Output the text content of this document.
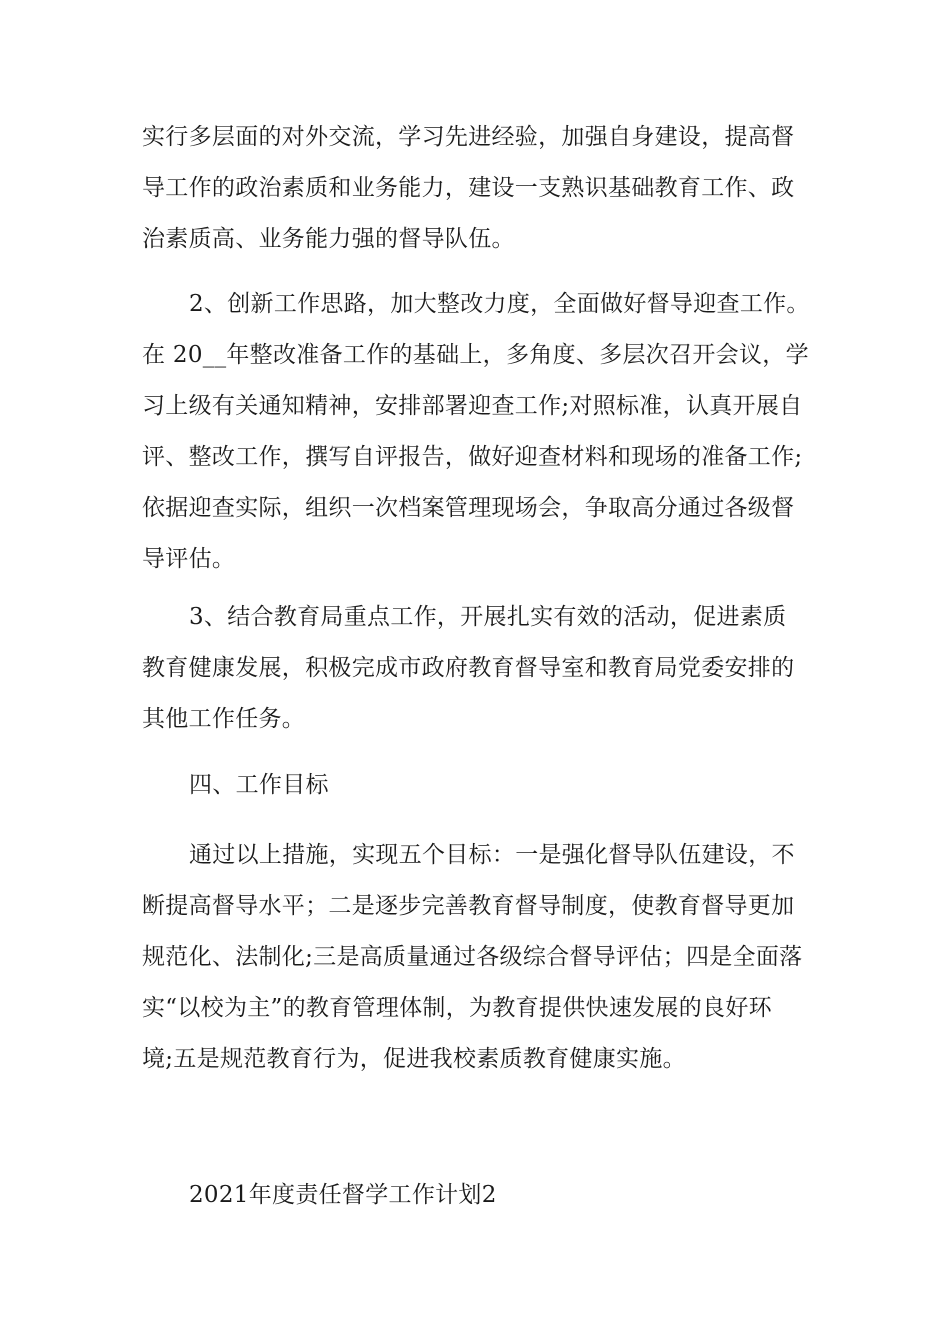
实行多层面的对外交流，学习先进经验，加强自身建设，提高督
导工作的政治素质和业务能力，建设一支熟识基础教育工作、政
治素质高、业务能力强的督导队伍。
2、创新工作思路，加大整改力度，全面做好督导迎查工作。
在 20__年整改准备工作的基础上，多角度、多层次召开会议，学
习上级有关通知精神，安排部署迎查工作;对照标准，认真开展自
评、整改工作，撰写自评报告，做好迎查材料和现场的准备工作;
依据迎查实际，组织一次档案管理现场会，争取高分通过各级督
导评估。
3、结合教育局重点工作，开展扎实有效的活动，促进素质
教育健康发展，积极完成市政府教育督导室和教育局党委安排的
其他工作任务。
四、工作目标
通过以上措施，实现五个目标：一是强化督导队伍建设，不
断提高督导水平；二是逐步完善教育督导制度，使教育督导更加
规范化、法制化;三是高质量通过各级综合督导评估；四是全面落
实“以校为主”的教育管理体制，为教育提供快速发展的良好环
境;五是规范教育行为，促进我校素质教育健康实施。
2021年度责任督学工作计划2
